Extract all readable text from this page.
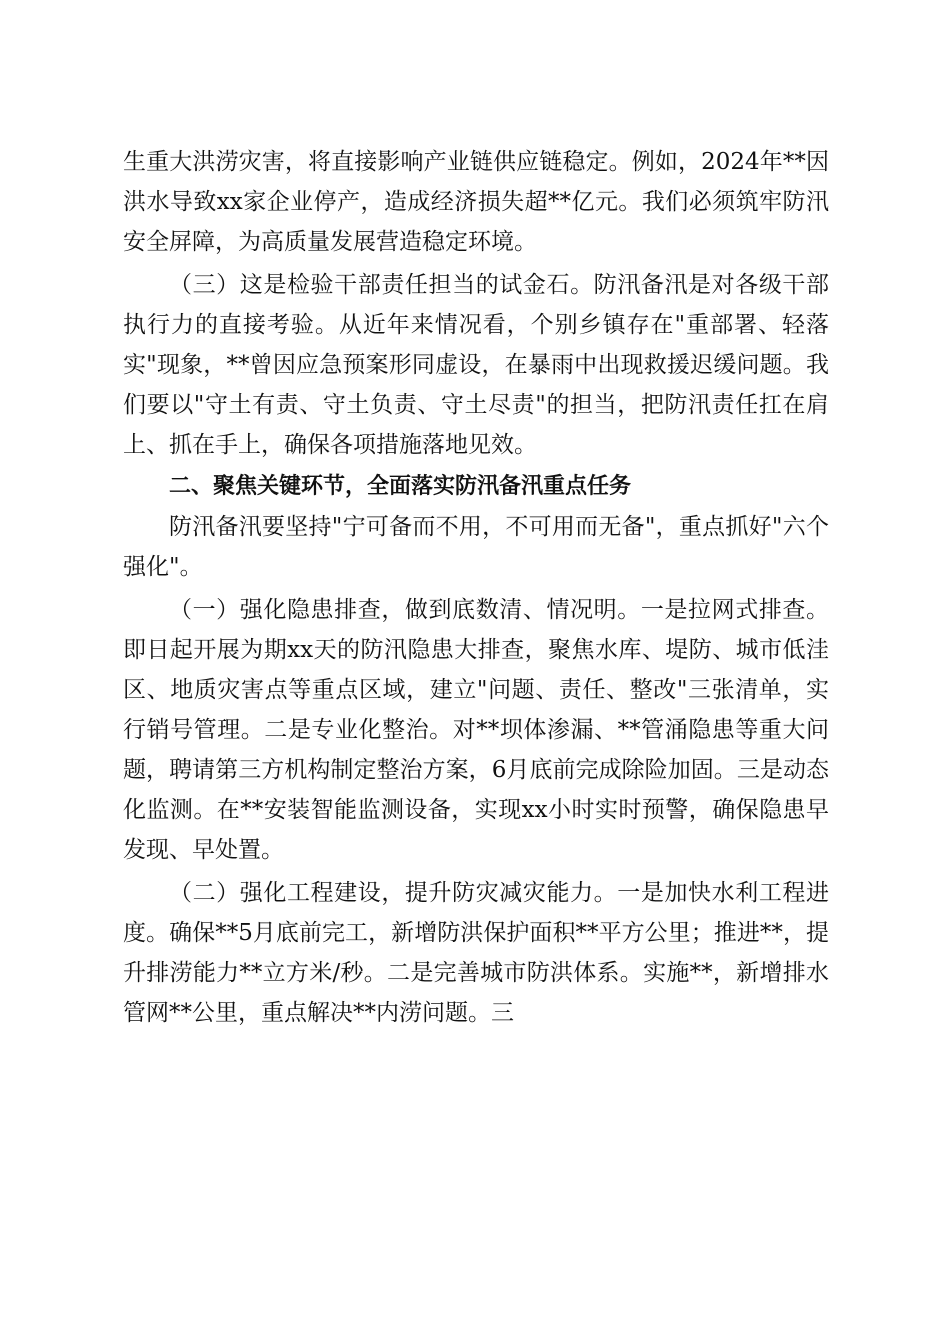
生重大洪涝灾害，将直接影响产业链供应链稳定。例如，2024年**因洪水导致xx家企业停产，造成经济损失超**亿元。我们必须筑牢防汛安全屏障，为高质量发展营造稳定环境。

（三）这是检验干部责任担当的试金石。防汛备汛是对各级干部执行力的直接考验。从近年来情况看，个别乡镇存在"重部署、轻落实"现象，**曾因应急预案形同虚设，在暴雨中出现救援迟缓问题。我们要以"守土有责、守土负责、守土尽责"的担当，把防汛责任扛在肩上、抓在手上，确保各项措施落地见效。

二、聚焦关键环节，全面落实防汛备汛重点任务

防汛备汛要坚持"宁可备而不用，不可用而无备"，重点抓好"六个强化"。

（一）强化隐患排查，做到底数清、情况明。一是拉网式排查。即日起开展为期xx天的防汛隐患大排查，聚焦水库、堤防、城市低洼区、地质灾害点等重点区域，建立"问题、责任、整改"三张清单，实行销号管理。二是专业化整治。对**坝体渗漏、**管涌隐患等重大问题，聘请第三方机构制定整治方案，6月底前完成除险加固。三是动态化监测。在**安装智能监测设备，实现xx小时实时预警，确保隐患早发现、早处置。

（二）强化工程建设，提升防灾减灾能力。一是加快水利工程进度。确保**5月底前完工，新增防洪保护面积**平方公里；推进**，提升排涝能力**立方米/秒。二是完善城市防洪体系。实施**，新增排水管网**公里，重点解决**内涝问题。三
